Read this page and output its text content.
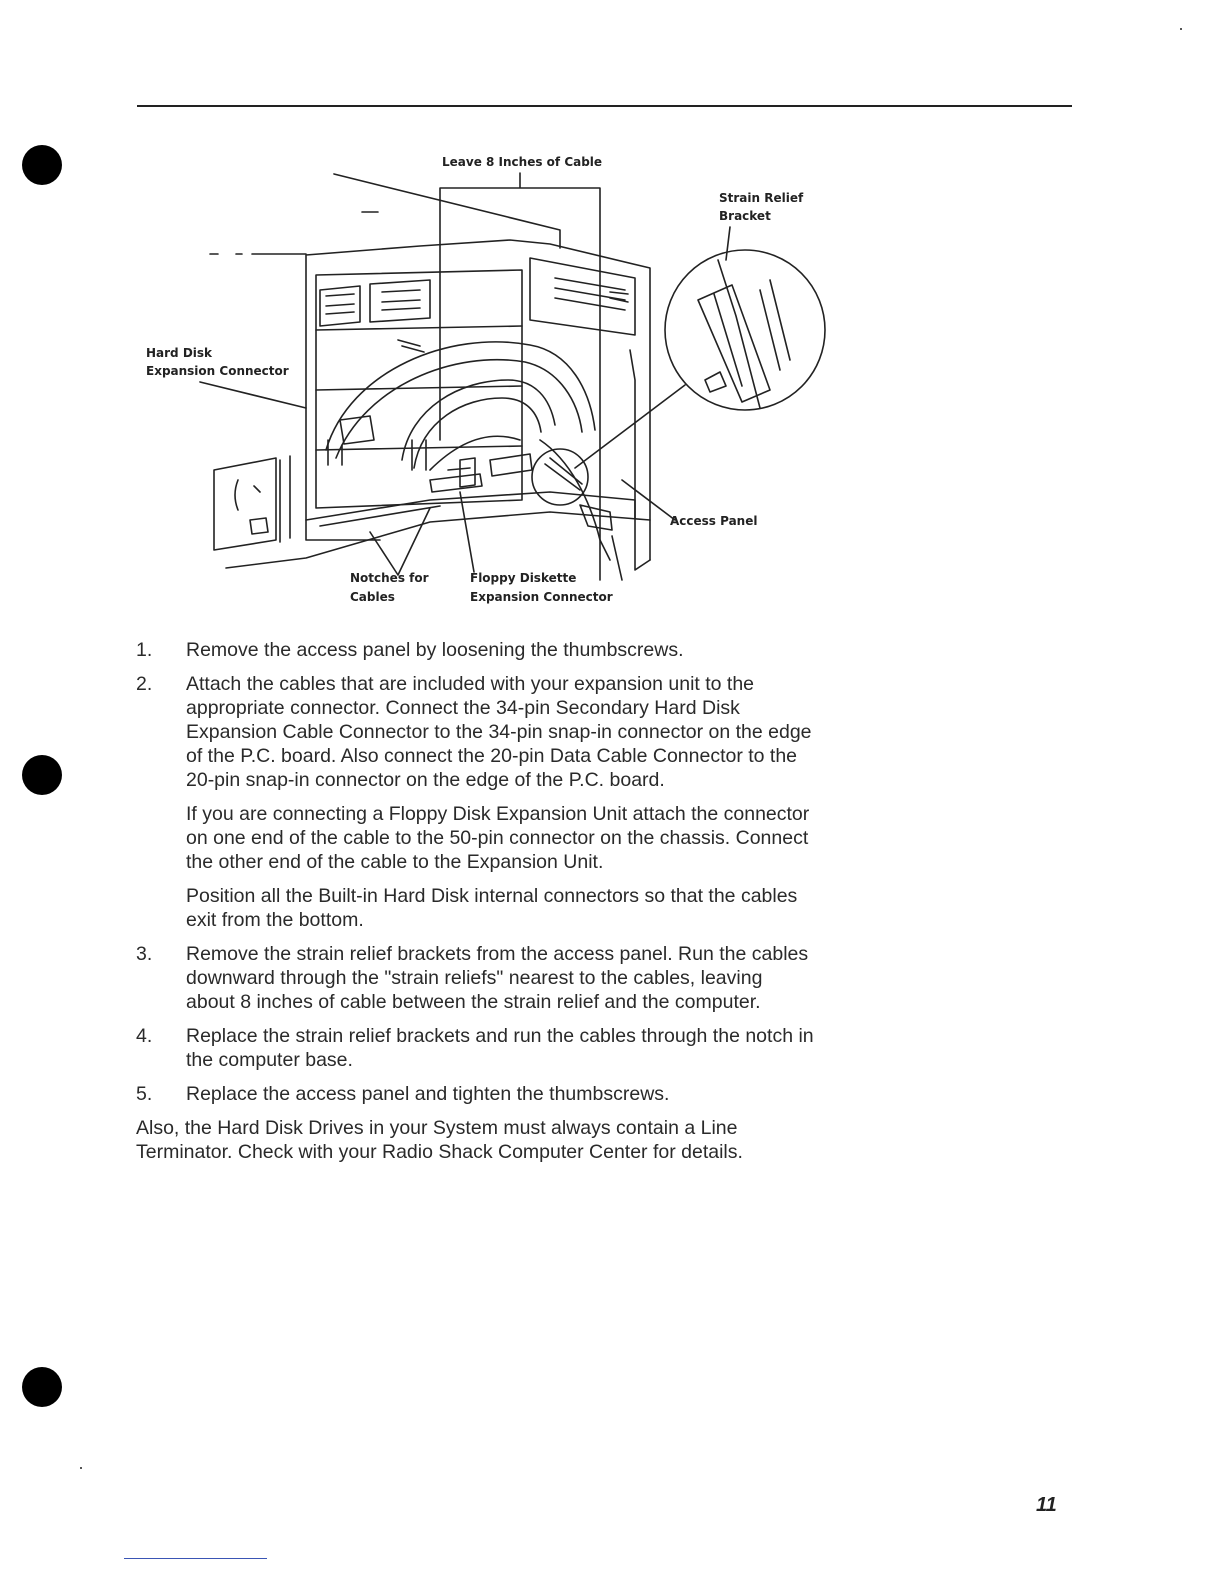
Leave 8 Inches of Cable
Strain Relief
Bracket
Hard Disk
Expansion Connector
Access Panel
Notches for
Cables
Floppy Diskette
Expansion Connector
1. Remove the access panel by loosening the thumbscrews.

2. Attach the cables that are included with your expansion unit to the appropriate connector. Connect the 34-pin Secondary Hard Disk Expansion Cable Connector to the 34-pin snap-in connector on the edge of the P.C. board. Also connect the 20-pin Data Cable Connector to the 20-pin snap-in connector on the edge of the P.C. board.

If you are connecting a Floppy Disk Expansion Unit attach the connector on one end of the cable to the 50-pin connector on the chassis. Connect the other end of the cable to the Expansion Unit.

Position all the Built-in Hard Disk internal connectors so that the cables exit from the bottom.

3. Remove the strain relief brackets from the access panel. Run the cables downward through the "strain reliefs" nearest to the cables, leaving about 8 inches of cable between the strain relief and the computer.

4. Replace the strain relief brackets and run the cables through the notch in the computer base.

5. Replace the access panel and tighten the thumbscrews.

Also, the Hard Disk Drives in your System must always contain a Line Terminator. Check with your Radio Shack Computer Center for details.

11
